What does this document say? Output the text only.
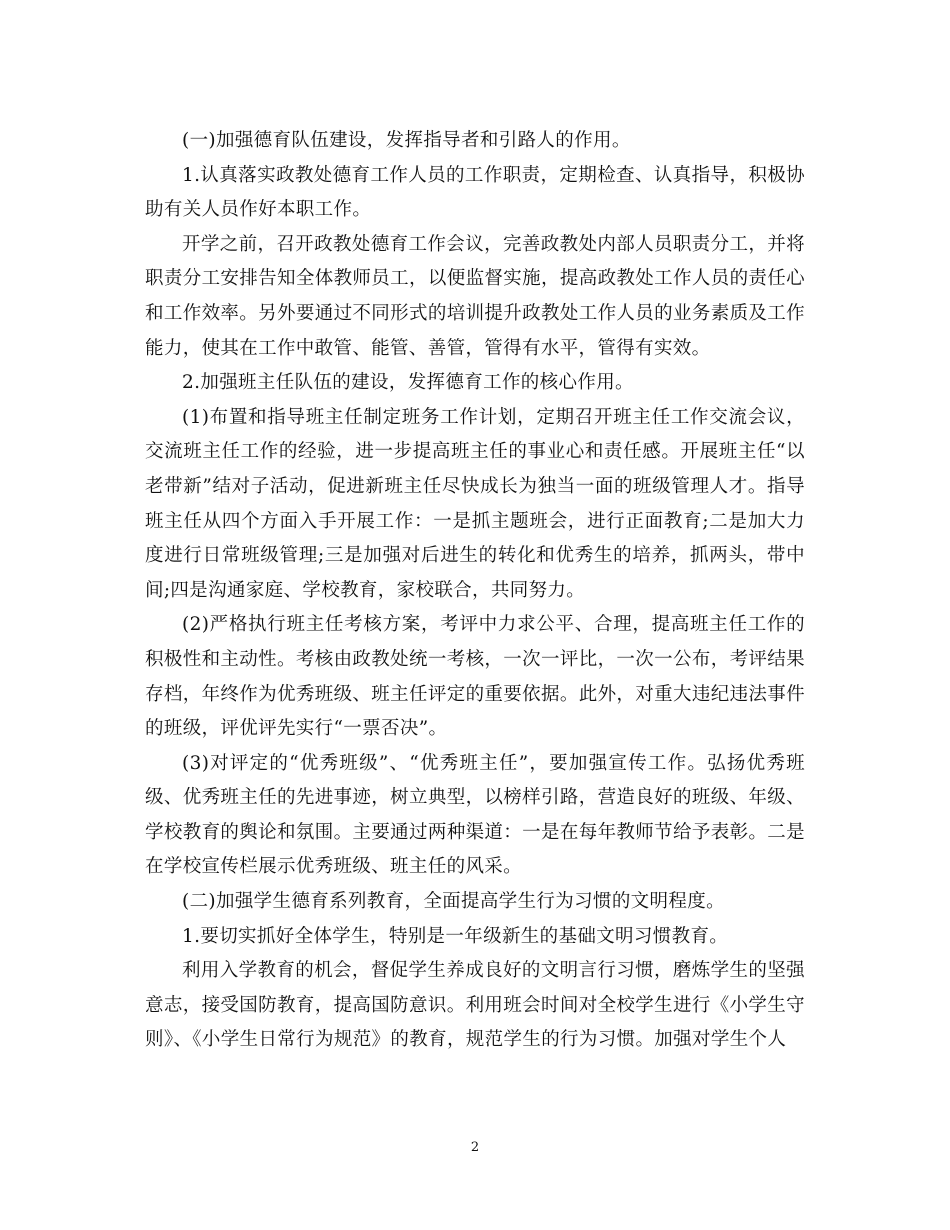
(一)加强德育队伍建设，发挥指导者和引路人的作用。

1.认真落实政教处德育工作人员的工作职责，定期检查、认真指导，积极协助有关人员作好本职工作。

开学之前，召开政教处德育工作会议，完善政教处内部人员职责分工，并将职责分工安排告知全体教师员工，以便监督实施，提高政教处工作人员的责任心和工作效率。另外要通过不同形式的培训提升政教处工作人员的业务素质及工作能力，使其在工作中敢管、能管、善管，管得有水平，管得有实效。

2.加强班主任队伍的建设，发挥德育工作的核心作用。

(1)布置和指导班主任制定班务工作计划，定期召开班主任工作交流会议，交流班主任工作的经验，进一步提高班主任的事业心和责任感。开展班主任“以老带新”结对子活动，促进新班主任尽快成长为独当一面的班级管理人才。指导班主任从四个方面入手开展工作：一是抓主题班会，进行正面教育;二是加大力度进行日常班级管理;三是加强对后进生的转化和优秀生的培养，抓两头，带中间;四是沟通家庭、学校教育，家校联合，共同努力。

(2)严格执行班主任考核方案，考评中力求公平、合理，提高班主任工作的积极性和主动性。考核由政教处统一考核，一次一评比，一次一公布，考评结果存档，年终作为优秀班级、班主任评定的重要依据。此外，对重大违纪违法事件的班级，评优评先实行“一票否决”。

(3)对评定的“优秀班级”、“优秀班主任”，要加强宣传工作。弘扬优秀班级、优秀班主任的先进事迹，树立典型，以榜样引路，营造良好的班级、年级、学校教育的舆论和氛围。主要通过两种渠道：一是在每年教师节给予表彰。二是在学校宣传栏展示优秀班级、班主任的风采。

(二)加强学生德育系列教育，全面提高学生行为习惯的文明程度。

1.要切实抓好全体学生，特别是一年级新生的基础文明习惯教育。

利用入学教育的机会，督促学生养成良好的文明言行习惯，磨炼学生的坚强意志，接受国防教育，提高国防意识。利用班会时间对全校学生进行《小学生守则》、《小学生日常行为规范》的教育，规范学生的行为习惯。加强对学生个人

2
